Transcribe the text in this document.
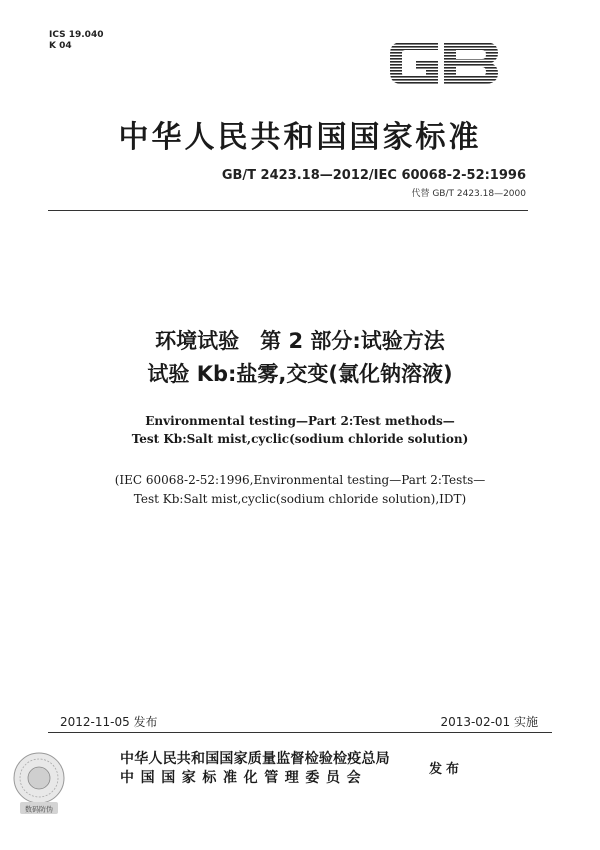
ICS 19.040
K 04
中华人民共和国国家标准
GB/T 2423.18—2012/IEC 60068-2-52:1996
代替 GB/T 2423.18—2000
环境试验　第 2 部分:试验方法
试验 Kb:盐雾,交变(氯化钠溶液)
Environmental testing—Part 2:Test methods—
Test Kb:Salt mist,cyclic(sodium chloride solution)
(IEC 60068-2-52:1996,Environmental testing—Part 2:Tests—
Test Kb:Salt mist,cyclic(sodium chloride solution),IDT)
2012-11-05 发布	2013-02-01 实施
数码防伪
中华人民共和国国家质量监督检验检疫总局
中国国家标准化管理委员会
发布
